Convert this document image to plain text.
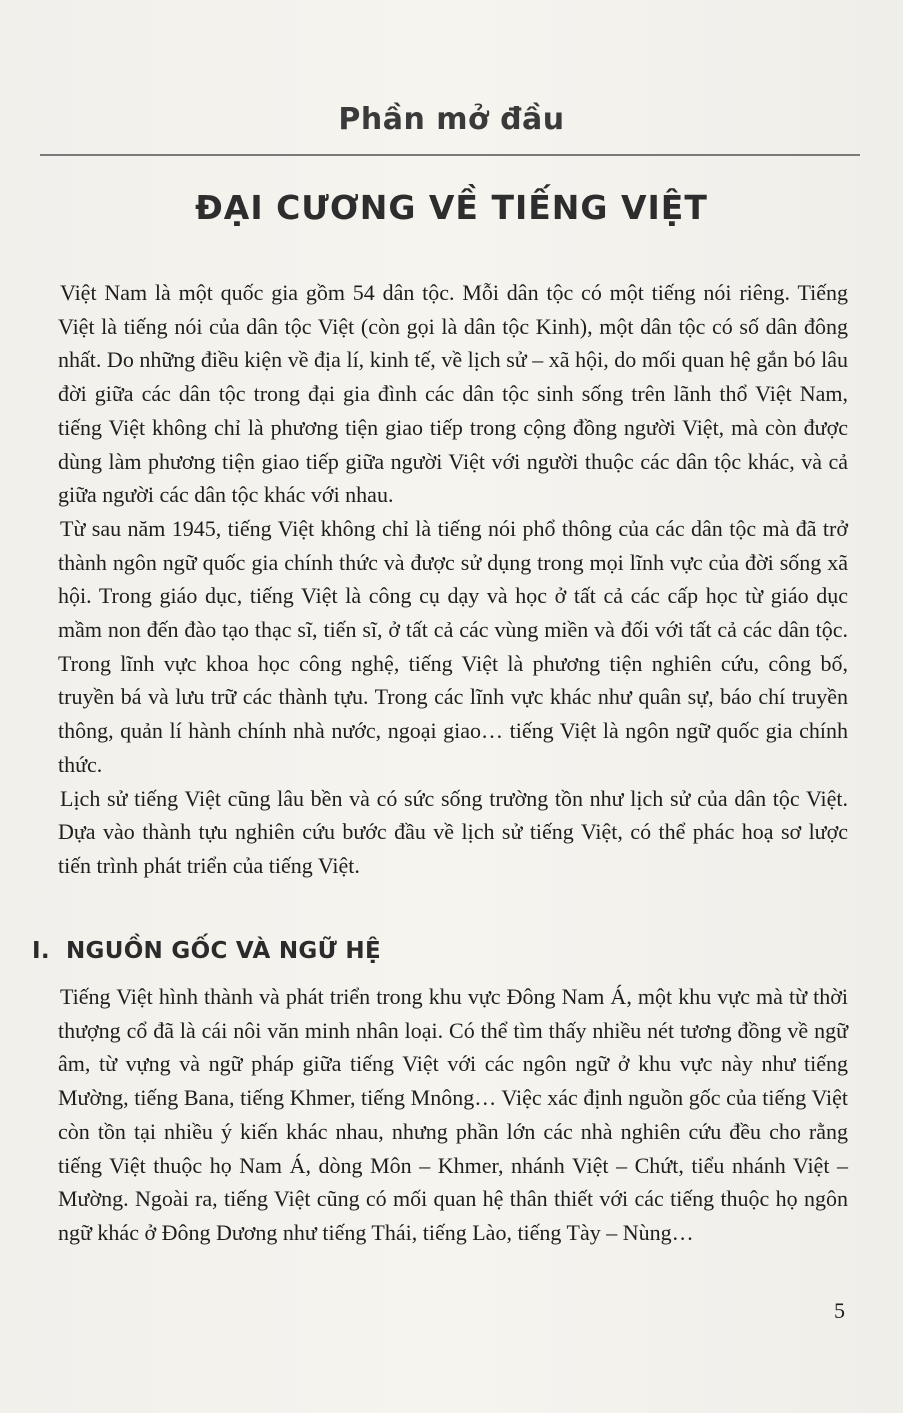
Phần mở đầu
ĐẠI CƯƠNG VỀ TIẾNG VIỆT

Việt Nam là một quốc gia gồm 54 dân tộc. Mỗi dân tộc có một tiếng nói riêng. Tiếng Việt là tiếng nói của dân tộc Việt (còn gọi là dân tộc Kinh), một dân tộc có số dân đông nhất. Do những điều kiện về địa lí, kinh tế, về lịch sử – xã hội, do mối quan hệ gắn bó lâu đời giữa các dân tộc trong đại gia đình các dân tộc sinh sống trên lãnh thổ Việt Nam, tiếng Việt không chỉ là phương tiện giao tiếp trong cộng đồng người Việt, mà còn được dùng làm phương tiện giao tiếp giữa người Việt với người thuộc các dân tộc khác, và cả giữa người các dân tộc khác với nhau.

Từ sau năm 1945, tiếng Việt không chỉ là tiếng nói phổ thông của các dân tộc mà đã trở thành ngôn ngữ quốc gia chính thức và được sử dụng trong mọi lĩnh vực của đời sống xã hội. Trong giáo dục, tiếng Việt là công cụ dạy và học ở tất cả các cấp học từ giáo dục mầm non đến đào tạo thạc sĩ, tiến sĩ, ở tất cả các vùng miền và đối với tất cả các dân tộc. Trong lĩnh vực khoa học công nghệ, tiếng Việt là phương tiện nghiên cứu, công bố, truyền bá và lưu trữ các thành tựu. Trong các lĩnh vực khác như quân sự, báo chí truyền thông, quản lí hành chính nhà nước, ngoại giao… tiếng Việt là ngôn ngữ quốc gia chính thức.

Lịch sử tiếng Việt cũng lâu bền và có sức sống trường tồn như lịch sử của dân tộc Việt. Dựa vào thành tựu nghiên cứu bước đầu về lịch sử tiếng Việt, có thể phác hoạ sơ lược tiến trình phát triển của tiếng Việt.

I. NGUỒN GỐC VÀ NGỮ HỆ

Tiếng Việt hình thành và phát triển trong khu vực Đông Nam Á, một khu vực mà từ thời thượng cổ đã là cái nôi văn minh nhân loại. Có thể tìm thấy nhiều nét tương đồng về ngữ âm, từ vựng và ngữ pháp giữa tiếng Việt với các ngôn ngữ ở khu vực này như tiếng Mường, tiếng Bana, tiếng Khmer, tiếng Mnông… Việc xác định nguồn gốc của tiếng Việt còn tồn tại nhiều ý kiến khác nhau, nhưng phần lớn các nhà nghiên cứu đều cho rằng tiếng Việt thuộc họ Nam Á, dòng Môn – Khmer, nhánh Việt – Chứt, tiểu nhánh Việt – Mường. Ngoài ra, tiếng Việt cũng có mối quan hệ thân thiết với các tiếng thuộc họ ngôn ngữ khác ở Đông Dương như tiếng Thái, tiếng Lào, tiếng Tày – Nùng…

5
